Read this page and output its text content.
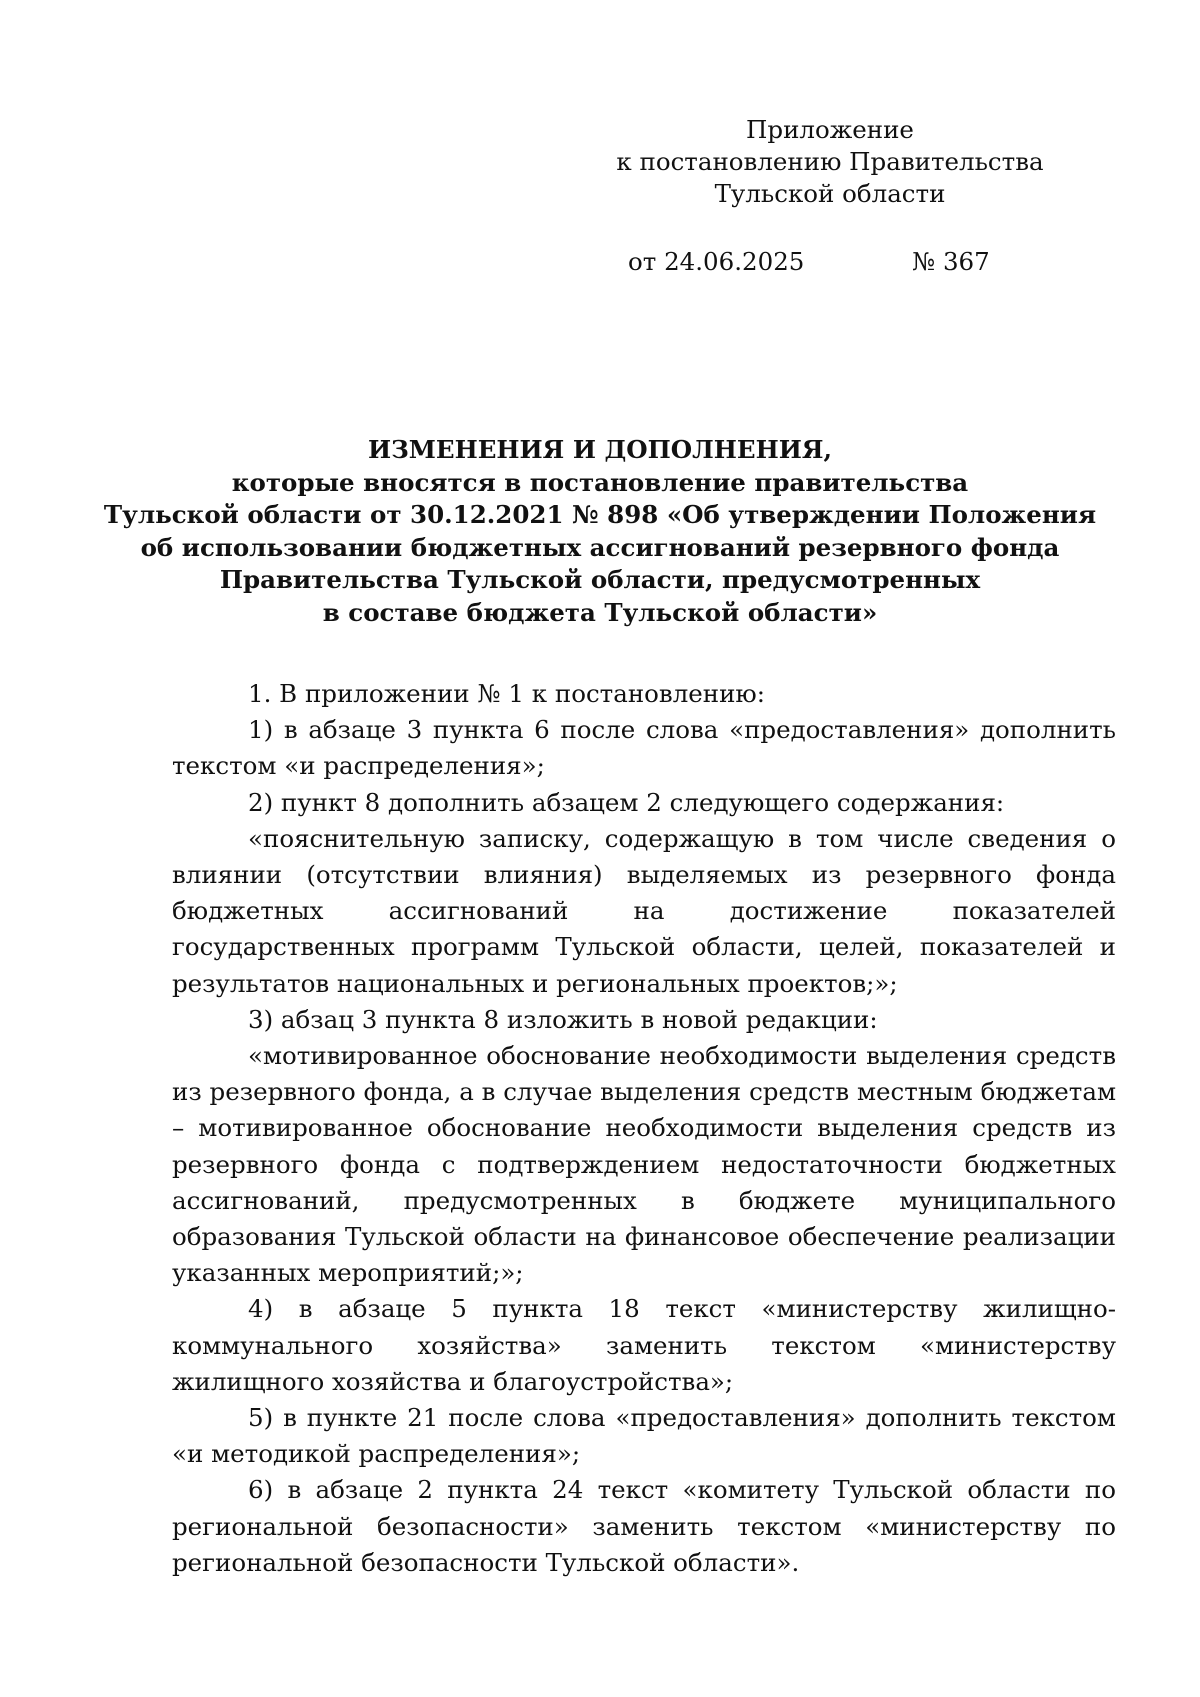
Приложение
к постановлению Правительства
Тульской области
от 24.06.2025	№ 367
ИЗМЕНЕНИЯ И ДОПОЛНЕНИЯ,
которые вносятся в постановление правительства
Тульской области от 30.12.2021 № 898 «Об утверждении Положения
об использовании бюджетных ассигнований резервного фонда
Правительства Тульской области, предусмотренных
в составе бюджета Тульской области»

1. В приложении № 1 к постановлению:

1) в абзаце 3 пункта 6 после слова «предоставления» дополнить текстом «и распределения»;

2) пункт 8 дополнить абзацем 2 следующего содержания:

«пояснительную записку, содержащую в том числе сведения о влиянии (отсутствии влияния) выделяемых из резервного фонда бюджетных ассигнований на достижение показателей государственных программ Тульской области, целей, показателей и результатов национальных и региональных проектов;»;

3) абзац 3 пункта 8 изложить в новой редакции:

«мотивированное обоснование необходимости выделения средств из резервного фонда, а в случае выделения средств местным бюджетам – мотивированное обоснование необходимости выделения средств из резервного фонда с подтверждением недостаточности бюджетных ассигнований, предусмотренных в бюджете муниципального образования Тульской области на финансовое обеспечение реализации указанных мероприятий;»;

4) в абзаце 5 пункта 18 текст «министерству жилищно-коммунального хозяйства» заменить текстом «министерству жилищного хозяйства и благоустройства»;

5) в пункте 21 после слова «предоставления» дополнить текстом «и методикой распределения»;

6) в абзаце 2 пункта 24 текст «комитету Тульской области по региональной безопасности» заменить текстом «министерству по региональной безопасности Тульской области».
